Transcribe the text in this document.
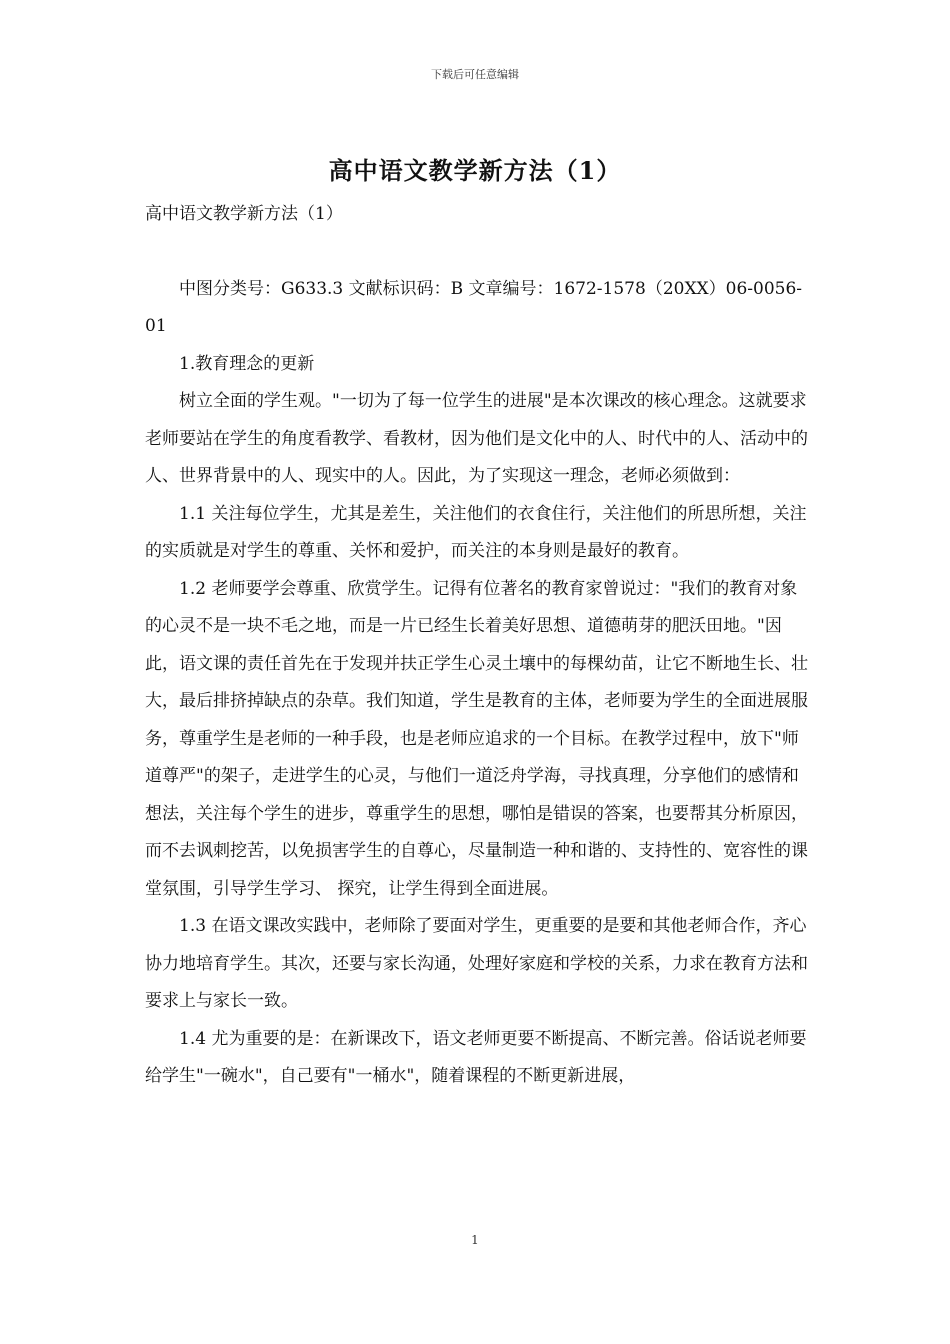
下载后可任意编辑
高中语文教学新方法（1）

高中语文教学新方法（1）

中图分类号：G633.3 文献标识码：B 文章编号：1672-1578（20XX）06-0056-01

1.教育理念的更新

树立全面的学生观。"一切为了每一位学生的进展"是本次课改的核心理念。这就要求老师要站在学生的角度看教学、看教材，因为他们是文化中的人、时代中的人、活动中的人、世界背景中的人、现实中的人。因此，为了实现这一理念，老师必须做到：

1.1 关注每位学生，尤其是差生，关注他们的衣食住行，关注他们的所思所想，关注的实质就是对学生的尊重、关怀和爱护，而关注的本身则是最好的教育。

1.2 老师要学会尊重、欣赏学生。记得有位著名的教育家曾说过："我们的教育对象的心灵不是一块不毛之地，而是一片已经生长着美好思想、道德萌芽的肥沃田地。"因此，语文课的责任首先在于发现并扶正学生心灵土壤中的每棵幼苗，让它不断地生长、壮大，最后排挤掉缺点的杂草。我们知道，学生是教育的主体，老师要为学生的全面进展服务，尊重学生是老师的一种手段，也是老师应追求的一个目标。在教学过程中，放下"师道尊严"的架子，走进学生的心灵，与他们一道泛舟学海，寻找真理，分享他们的感情和想法，关注每个学生的进步，尊重学生的思想，哪怕是错误的答案，也要帮其分析原因，而不去讽刺挖苦，以免损害学生的自尊心，尽量制造一种和谐的、支持性的、宽容性的课堂氛围，引导学生学习、 探究，让学生得到全面进展。

1.3 在语文课改实践中，老师除了要面对学生，更重要的是要和其他老师合作，齐心协力地培育学生。其次，还要与家长沟通，处理好家庭和学校的关系，力求在教育方法和要求上与家长一致。

1.4 尤为重要的是：在新课改下，语文老师更要不断提高、不断完善。俗话说老师要给学生"一碗水"，自己要有"一桶水"，随着课程的不断更新进展，

1
